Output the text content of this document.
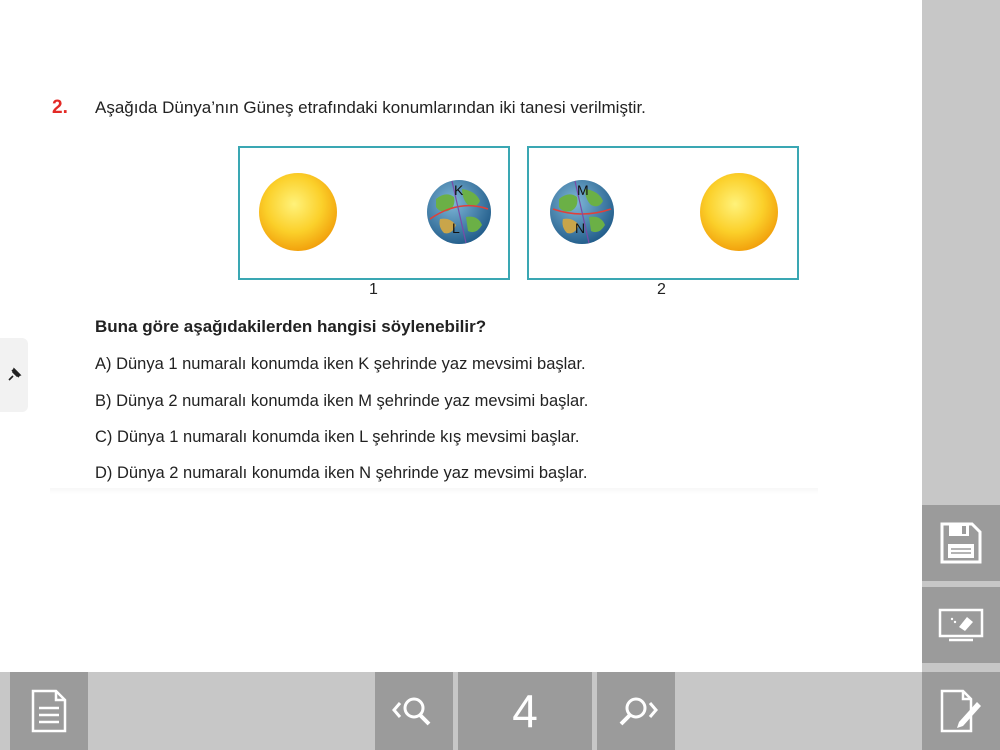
2. Aşağıda Dünya’nın Güneş etrafındaki konumlarından iki tanesi verilmiştir.
K
L
1
M
N
2
Buna göre aşağıdakilerden hangisi söylenebilir?
A) Dünya 1 numaralı konumda iken K şehrinde yaz mevsimi başlar.
B) Dünya 2 numaralı konumda iken M şehrinde yaz mevsimi başlar.
C) Dünya 1 numaralı konumda iken L şehrinde kış mevsimi başlar.
D) Dünya 2 numaralı konumda iken N şehrinde yaz mevsimi başlar.
4
